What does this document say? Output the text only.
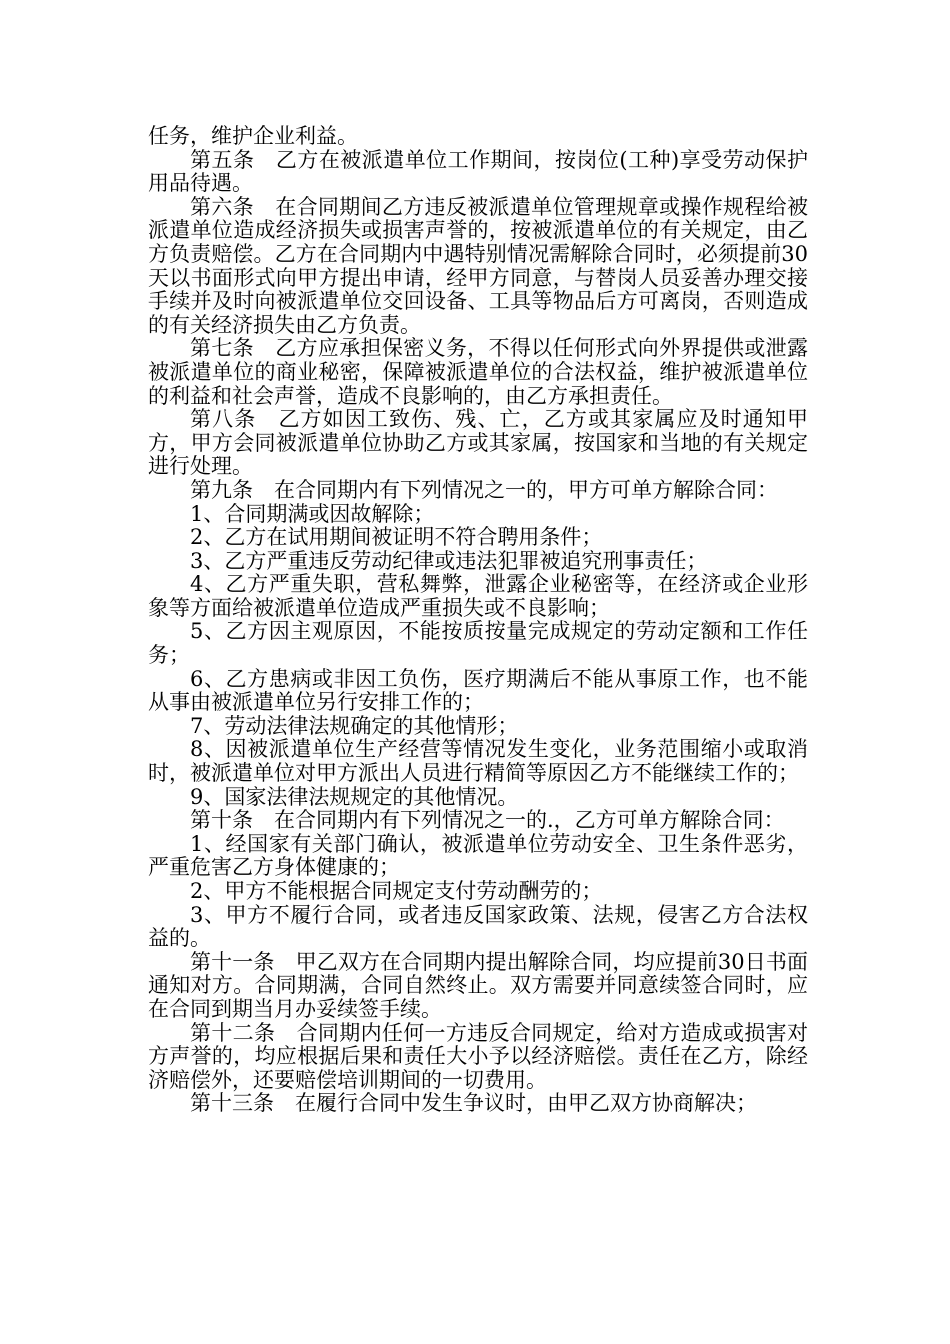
任务，维护企业利益。

第五条　乙方在被派遣单位工作期间，按岗位(工种)享受劳动保护用品待遇。

第六条　在合同期间乙方违反被派遣单位管理规章或操作规程给被派遣单位造成经济损失或损害声誉的，按被派遣单位的有关规定，由乙方负责赔偿。乙方在合同期内中遇特别情况需解除合同时，必须提前30天以书面形式向甲方提出申请，经甲方同意，与替岗人员妥善办理交接手续并及时向被派遣单位交回设备、工具等物品后方可离岗，否则造成的有关经济损失由乙方负责。

第七条　乙方应承担保密义务，不得以任何形式向外界提供或泄露被派遣单位的商业秘密，保障被派遣单位的合法权益，维护被派遣单位的利益和社会声誉，造成不良影响的，由乙方承担责任。

第八条　乙方如因工致伤、残、亡，乙方或其家属应及时通知甲方，甲方会同被派遣单位协助乙方或其家属，按国家和当地的有关规定进行处理。

第九条　在合同期内有下列情况之一的，甲方可单方解除合同：

1、合同期满或因故解除；

2、乙方在试用期间被证明不符合聘用条件；

3、乙方严重违反劳动纪律或违法犯罪被追究刑事责任；

4、乙方严重失职，营私舞弊，泄露企业秘密等，在经济或企业形象等方面给被派遣单位造成严重损失或不良影响；

5、乙方因主观原因，不能按质按量完成规定的劳动定额和工作任务；

6、乙方患病或非因工负伤，医疗期满后不能从事原工作，也不能从事由被派遣单位另行安排工作的；

7、劳动法律法规确定的其他情形；

8、因被派遣单位生产经营等情况发生变化，业务范围缩小或取消时，被派遣单位对甲方派出人员进行精简等原因乙方不能继续工作的；

9、国家法律法规规定的其他情况。

第十条　在合同期内有下列情况之一的.，乙方可单方解除合同：

1、经国家有关部门确认，被派遣单位劳动安全、卫生条件恶劣，严重危害乙方身体健康的；

2、甲方不能根据合同规定支付劳动酬劳的；

3、甲方不履行合同，或者违反国家政策、法规，侵害乙方合法权益的。

第十一条　甲乙双方在合同期内提出解除合同，均应提前30日书面通知对方。合同期满，合同自然终止。双方需要并同意续签合同时，应在合同到期当月办妥续签手续。

第十二条　合同期内任何一方违反合同规定，给对方造成或损害对方声誉的，均应根据后果和责任大小予以经济赔偿。责任在乙方，除经济赔偿外，还要赔偿培训期间的一切费用。

第十三条　在履行合同中发生争议时，由甲乙双方协商解决；
